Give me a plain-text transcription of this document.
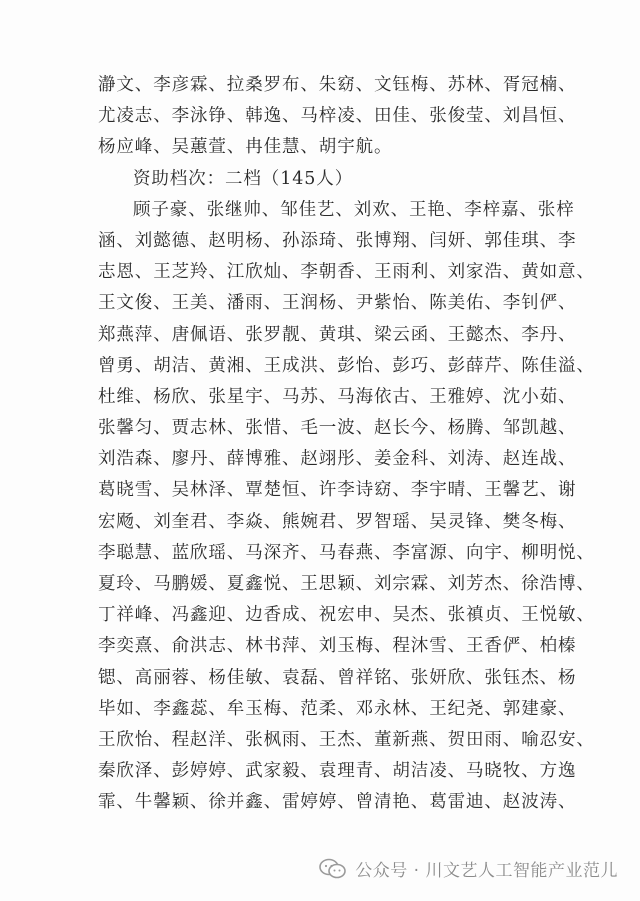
瀞文、李彦霖、拉桑罗布、朱窈、文钰梅、苏林、胥冠楠、
尤凌志、李泳铮、韩逸、马梓凌、田佳、张俊莹、刘昌恒、
杨应峰、吴蕙萱、冉佳慧、胡宇航。
资助档次：二档（145人）
顾子豪、张继帅、邹佳艺、刘欢、王艳、李梓嘉、张梓
涵、刘懿德、赵明杨、孙添琦、张博翔、闫妍、郭佳琪、李
志恩、王芝羚、江欣灿、李朝香、王雨利、刘家浩、黄如意、
王文俊、王美、潘雨、王润杨、尹紫怡、陈美佑、李钊俨、
郑燕萍、唐佩语、张罗靓、黄琪、梁云函、王懿杰、李丹、
曾勇、胡洁、黄湘、王成洪、彭怡、彭巧、彭薛芹、陈佳溢、
杜维、杨欣、张星宇、马苏、马海依古、王雅婷、沈小茹、
张馨匀、贾志林、张惜、毛一波、赵长今、杨腾、邹凯越、
刘浩森、廖丹、薛博雅、赵翊彤、姜金科、刘涛、赵连战、
葛晓雪、吴林泽、覃楚恒、许李诗窈、李宇晴、王馨艺、谢
宏飏、刘奎君、李焱、熊婉君、罗智瑶、吴灵锋、樊冬梅、
李聪慧、蓝欣瑶、马深齐、马春燕、李富源、向宇、柳明悦、
夏玲、马鹏媛、夏鑫悦、王思颖、刘宗霖、刘芳杰、徐浩博、
丁祥峰、冯鑫迎、边香成、祝宏申、吴杰、张禛贞、王悦敏、
李奕熹、俞洪志、林书萍、刘玉梅、程沐雪、王香俨、柏榛
锶、高丽蓉、杨佳敏、袁磊、曾祥铭、张妍欣、张钰杰、杨
毕如、李鑫蕊、牟玉梅、范柔、邓永林、王纪尧、郭建豪、
王欣怡、程赵洋、张枫雨、王杰、董新燕、贺田雨、喻忍安、
秦欣泽、彭婷婷、武家毅、袁理青、胡洁凌、马晓牧、方逸
霏、牛馨颖、徐并鑫、雷婷婷、曾清艳、葛雷迪、赵波涛、
公众号 · 川文艺人工智能产业范儿
